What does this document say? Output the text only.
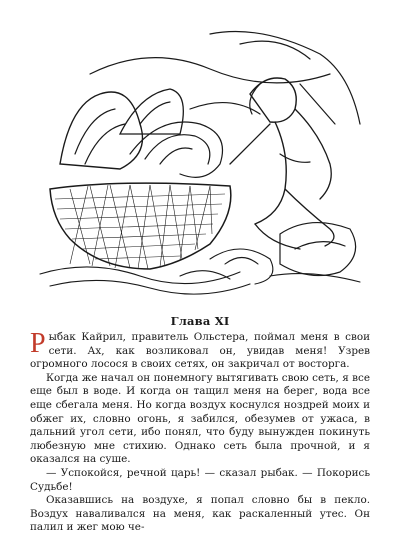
Глава XI

Рыбак Кайрил, правитель Ольстера, поймал меня в свои сети. Ах, как возликовал он, увидав меня! Узрев огромного лосося в своих сетях, он закричал от восторга.

Когда же начал он понемногу вытягивать свою сеть, я все еще был в воде. И когда он тащил меня на берег, вода все еще сбегала меня. Но когда воздух коснулся ноздрей моих и обжег их, словно огонь, я забился, обезумев от ужаса, в дальний угол сети, ибо понял, что буду вынужден покинуть любезную мне стихию. Однако сеть была прочной, и я оказался на суше.

— Успокойся, речной царь! — сказал рыбак. — Покорись Судьбе!

Оказавшись на воздухе, я попал словно бы в пекло. Воздух наваливался на меня, как раскаленный утес. Он палил и жег мою че-
